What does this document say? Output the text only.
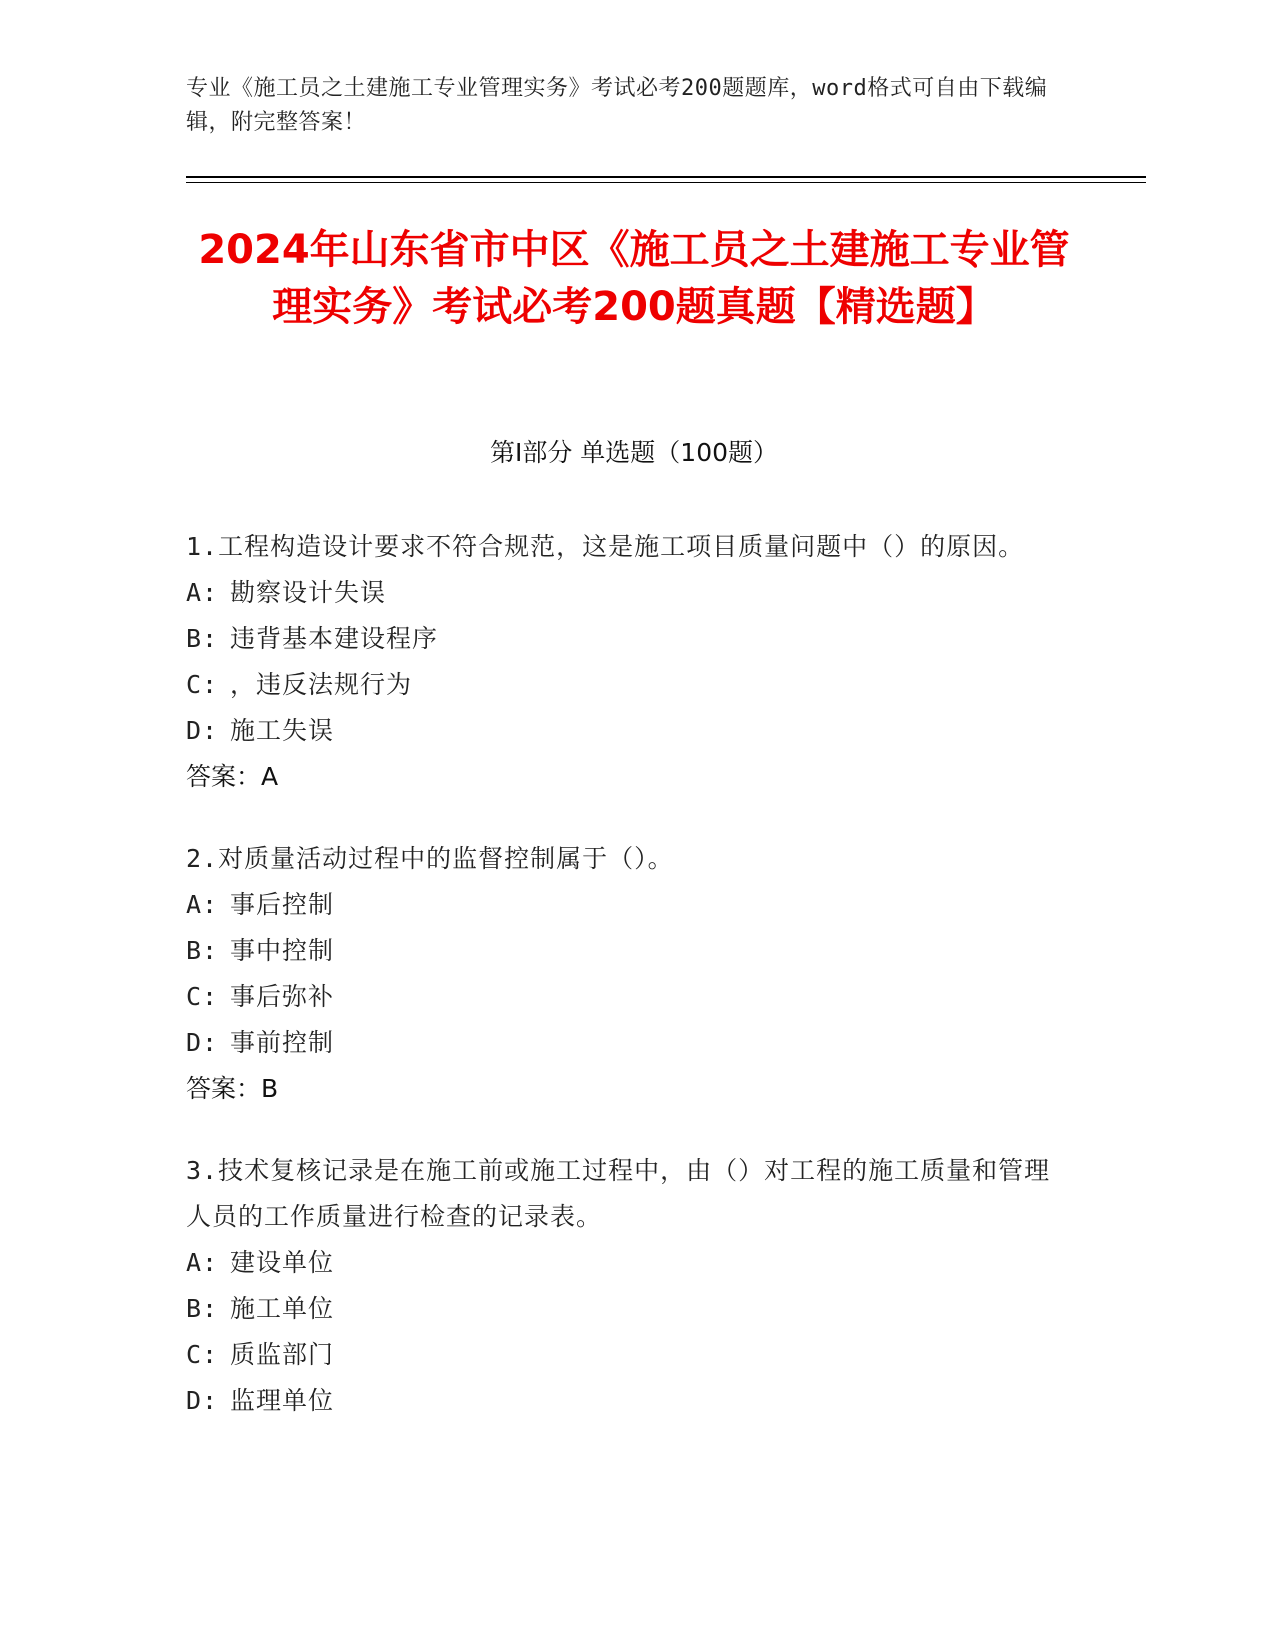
专业《施工员之土建施工专业管理实务》考试必考200题题库，word格式可自由下载编辑，附完整答案！
2024年山东省市中区《施工员之土建施工专业管理实务》考试必考200题真题【精选题】
第I部分 单选题（100题）
1.工程构造设计要求不符合规范，这是施工项目质量问题中（）的原因。
A: 勘察设计失误
B: 违背基本建设程序
C: ，违反法规行为
D: 施工失误
答案：A
2.对质量活动过程中的监督控制属于（）。
A: 事后控制
B: 事中控制
C: 事后弥补
D: 事前控制
答案：B
3.技术复核记录是在施工前或施工过程中，由（）对工程的施工质量和管理人员的工作质量进行检查的记录表。
A: 建设单位
B: 施工单位
C: 质监部门
D: 监理单位
